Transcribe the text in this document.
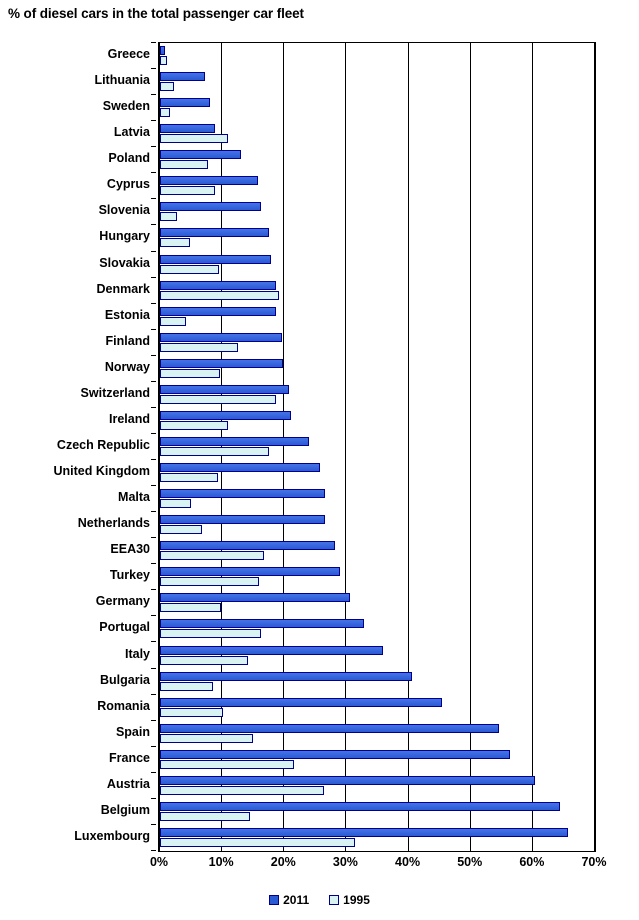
% of diesel cars in the total passenger car fleet
Greece
Lithuania
Sweden
Latvia
Poland
Cyprus
Slovenia
Hungary
Slovakia
Denmark
Estonia
Finland
Norway
Switzerland
Ireland
Czech Republic
United Kingdom
Malta
Netherlands
EEA30
Turkey
Germany
Portugal
Italy
Bulgaria
Romania
Spain
France
Austria
Belgium
Luxembourg
0%	10%	20%	30%	40%	50%	60%	70%
2011	1995
